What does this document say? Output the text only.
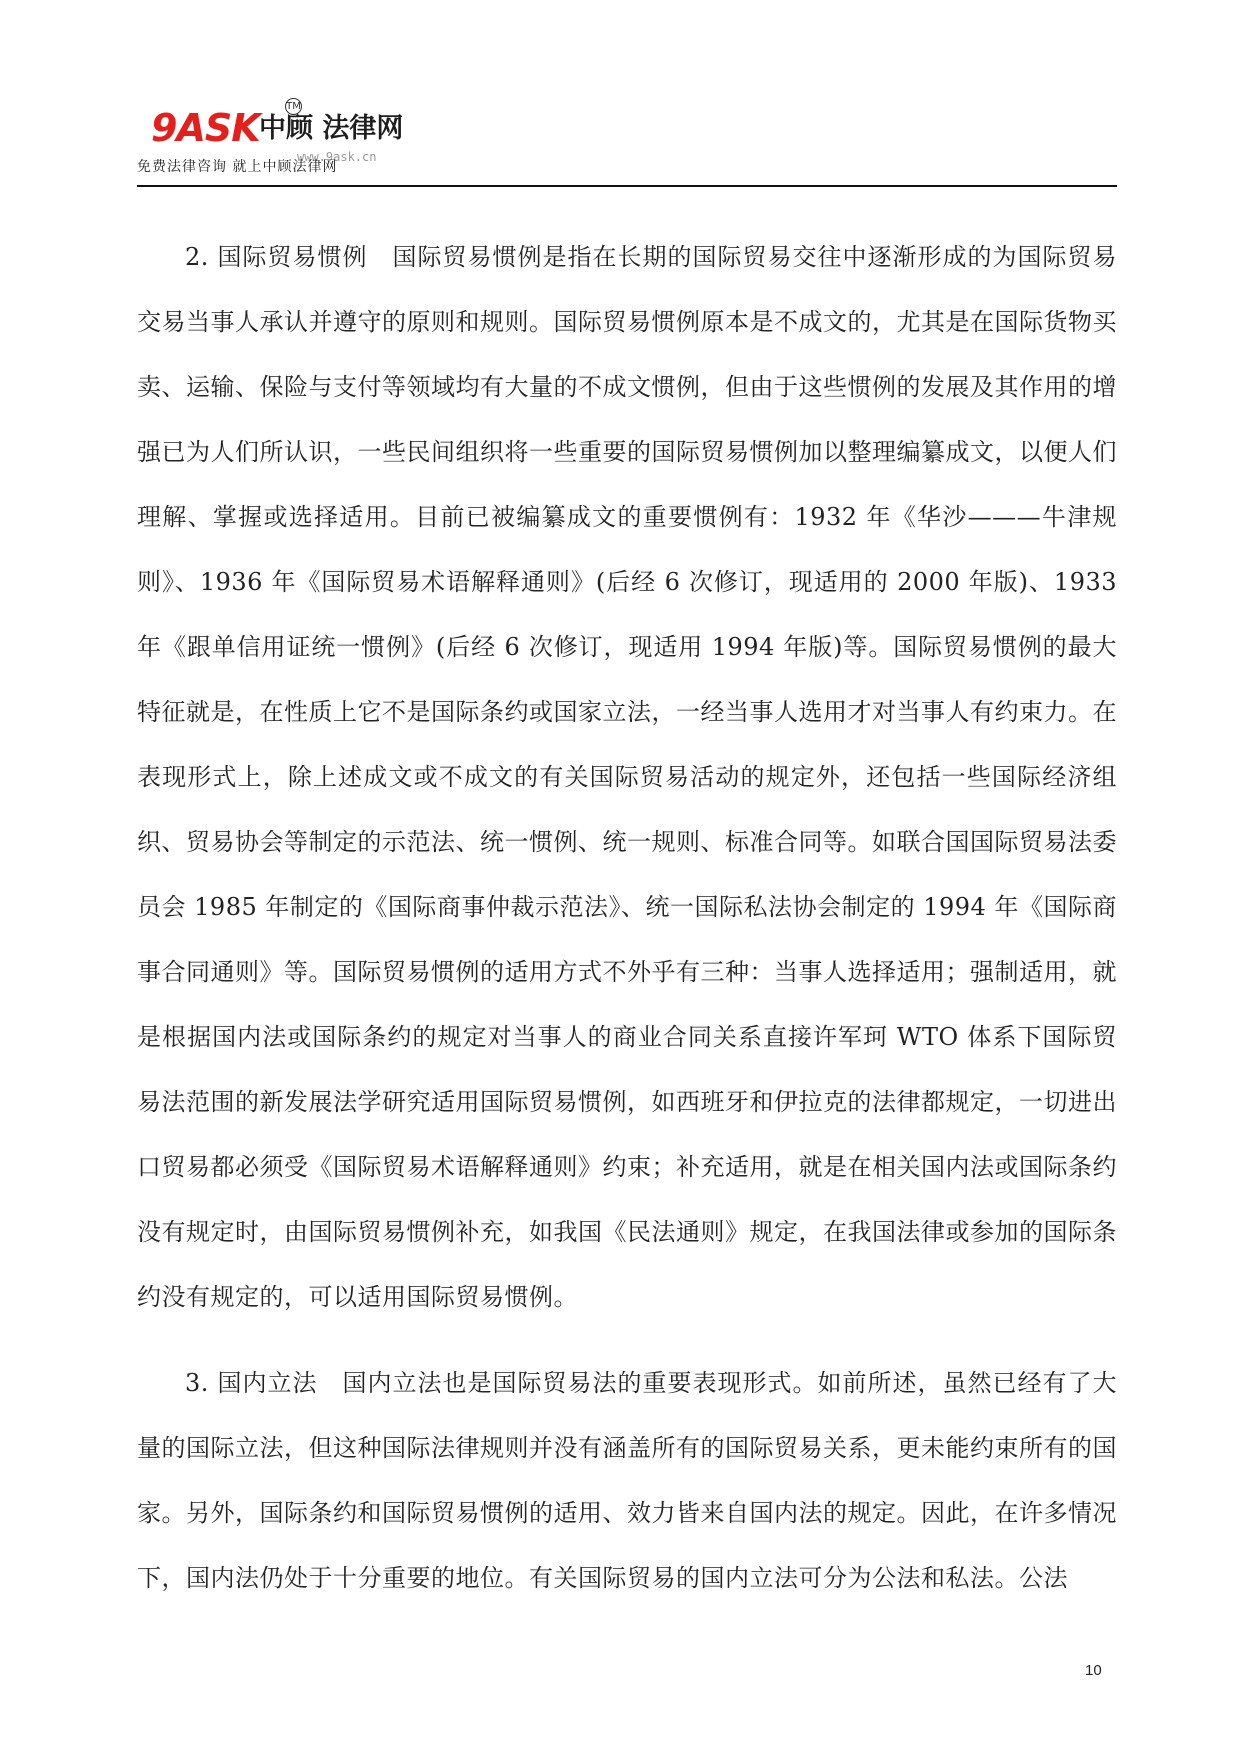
9ASK 中顾 法律网
TM
www.9ask.cn
免费法律咨询 就上中顾法律网

2. 国际贸易惯例　国际贸易惯例是指在长期的国际贸易交往中逐渐形成的为国际贸易交易当事人承认并遵守的原则和规则。国际贸易惯例原本是不成文的，尤其是在国际货物买卖、运输、保险与支付等领域均有大量的不成文惯例，但由于这些惯例的发展及其作用的增强已为人们所认识，一些民间组织将一些重要的国际贸易惯例加以整理编纂成文，以便人们理解、掌握或选择适用。目前已被编纂成文的重要惯例有：1932 年《华沙———牛津规则》、1936 年《国际贸易术语解释通则》(后经 6 次修订，现适用的 2000 年版)、1933 年《跟单信用证统一惯例》(后经 6 次修订，现适用 1994 年版)等。国际贸易惯例的最大特征就是，在性质上它不是国际条约或国家立法，一经当事人选用才对当事人有约束力。在表现形式上，除上述成文或不成文的有关国际贸易活动的规定外，还包括一些国际经济组织、贸易协会等制定的示范法、统一惯例、统一规则、标准合同等。如联合国国际贸易法委员会 1985 年制定的《国际商事仲裁示范法》、统一国际私法协会制定的 1994 年《国际商事合同通则》等。国际贸易惯例的适用方式不外乎有三种：当事人选择适用；强制适用，就是根据国内法或国际条约的规定对当事人的商业合同关系直接许军珂 WTO 体系下国际贸易法范围的新发展法学研究适用国际贸易惯例，如西班牙和伊拉克的法律都规定，一切进出口贸易都必须受《国际贸易术语解释通则》约束；补充适用，就是在相关国内法或国际条约没有规定时，由国际贸易惯例补充，如我国《民法通则》规定，在我国法律或参加的国际条约没有规定的，可以适用国际贸易惯例。

3. 国内立法　国内立法也是国际贸易法的重要表现形式。如前所述，虽然已经有了大量的国际立法，但这种国际法律规则并没有涵盖所有的国际贸易关系，更未能约束所有的国家。另外，国际条约和国际贸易惯例的适用、效力皆来自国内法的规定。因此，在许多情况下，国内法仍处于十分重要的地位。有关国际贸易的国内立法可分为公法和私法。公法

10
